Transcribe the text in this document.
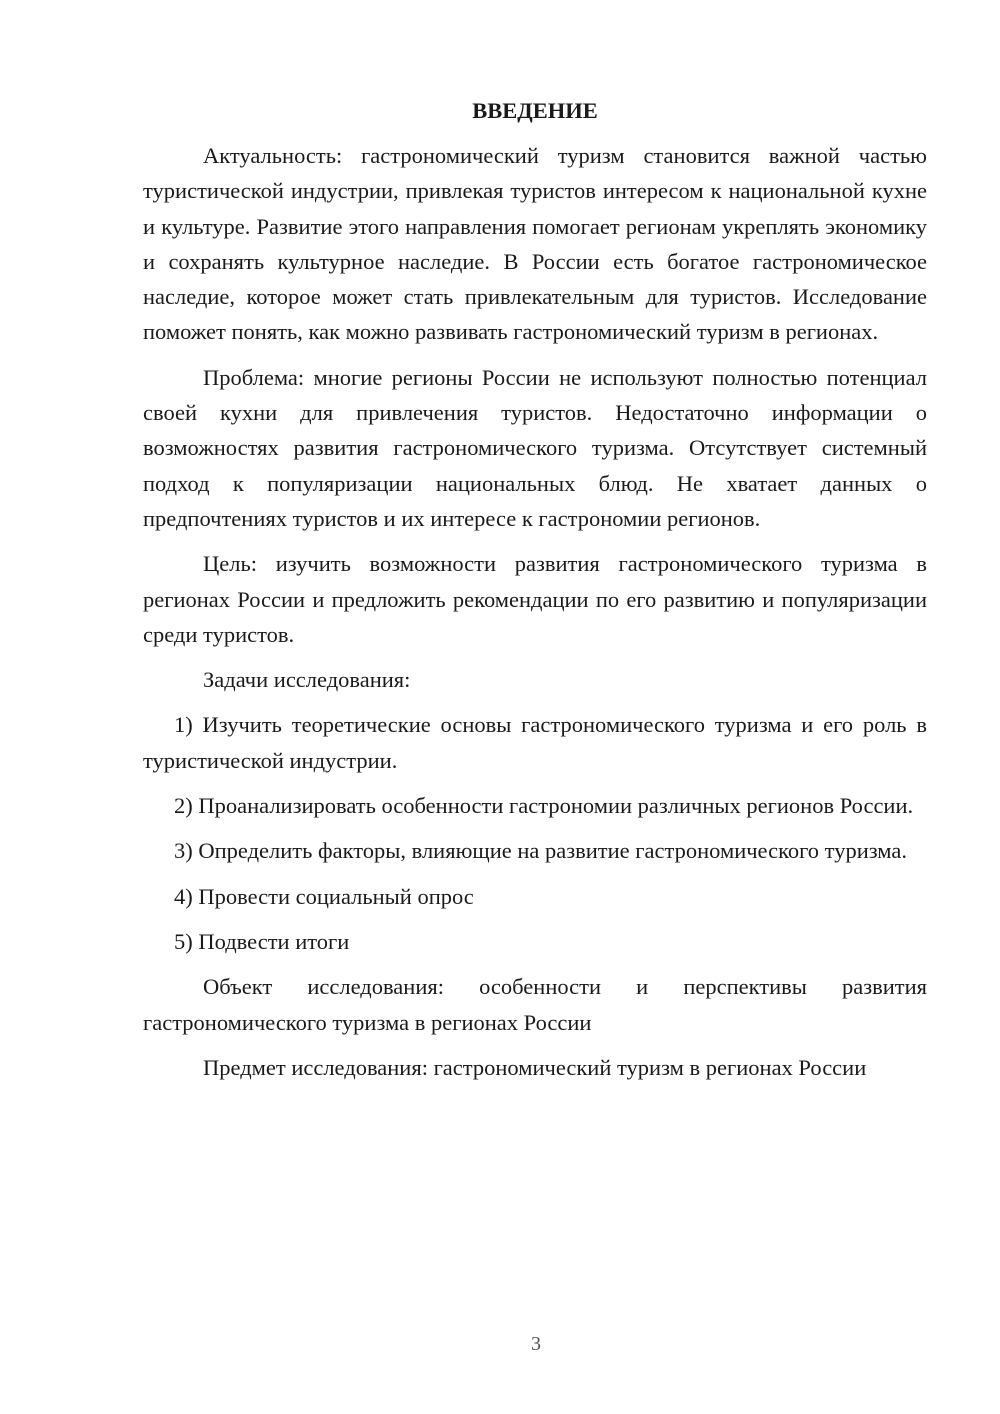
ВВЕДЕНИЕ

Актуальность: гастрономический туризм становится важной частью туристической индустрии, привлекая туристов интересом к национальной кухне и культуре. Развитие этого направления помогает регионам укреплять экономику и сохранять культурное наследие. В России есть богатое гастрономическое наследие, которое может стать привлекательным для туристов. Исследование поможет понять, как можно развивать гастрономический туризм в регионах.

Проблема: многие регионы России не используют полностью потенциал своей кухни для привлечения туристов. Недостаточно информации о возможностях развития гастрономического туризма. Отсутствует системный подход к популяризации национальных блюд. Не хватает данных о предпочтениях туристов и их интересе к гастрономии регионов.

Цель: изучить возможности развития гастрономического туризма в регионах России и предложить рекомендации по его развитию и популяризации среди туристов.

Задачи исследования:

1) Изучить теоретические основы гастрономического туризма и его роль в туристической индустрии.

2) Проанализировать особенности гастрономии различных регионов России.

3) Определить факторы, влияющие на развитие гастрономического туризма.

4) Провести социальный опрос

5) Подвести итоги

Объект исследования: особенности и перспективы развития гастрономического туризма в регионах России

Предмет исследования: гастрономический туризм в регионах России

3
